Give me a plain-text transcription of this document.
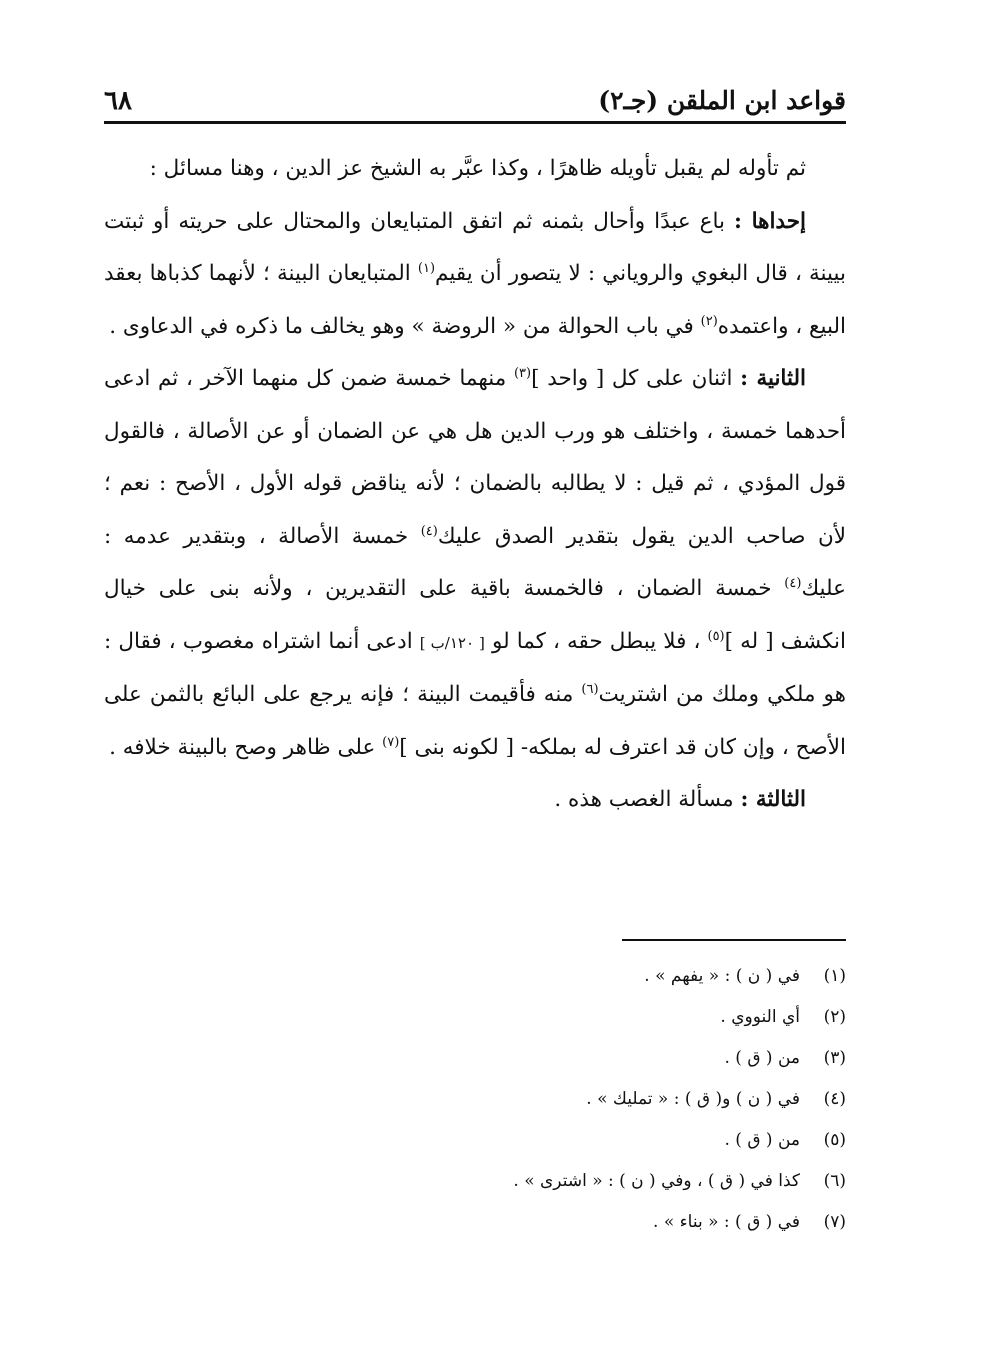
قواعد ابن الملقن (جـ٢)
٦٨

ثم تأوله لم يقبل تأويله ظاهرًا ، وكذا عبَّر به الشيخ عز الدين ، وهنا مسائل :

إحداها : باع عبدًا وأحال بثمنه ثم اتفق المتبايعان والمحتال على حريته أو ثبتت بيينة ، قال البغوي والروياني : لا يتصور أن يقيم$^{(١)}$ المتبايعان البينة ؛ لأنهما كذباها بعقد البيع ، واعتمده$^{(٢)}$ في باب الحوالة من « الروضة » وهو يخالف ما ذكره في الدعاوى .

الثانية : اثنان على كل [ واحد ]$^{(٣)}$ منهما خمسة ضمن كل منهما الآخر ، ثم ادعى أحدهما خمسة ، واختلف هو ورب الدين هل هي عن الضمان أو عن الأصالة ، فالقول قول المؤدي ، ثم قيل : لا يطالبه بالضمان ؛ لأنه يناقض قوله الأول ، الأصح : نعم ؛ لأن صاحب الدين يقول بتقدير الصدق عليك$^{(٤)}$ خمسة الأصالة ، وبتقدير عدمه : عليك$^{(٤)}$ خمسة الضمان ، فالخمسة باقية على التقديرين ، ولأنه بنى على خيال انكشف [ له ]$^{(٥)}$ ، فلا يبطل حقه ، كما لو [ ١٢٠/ب ] ادعى أنما اشتراه مغصوب ، فقال : هو ملكي وملك من اشتريت$^{(٦)}$ منه فأقيمت البينة ؛ فإنه يرجع على البائع بالثمن على الأصح ، وإن كان قد اعترف له بملكه- [ لكونه بنى ]$^{(٧)}$ على ظاهر وصح بالبينة خلافه .

الثالثة : مسألة الغصب هذه .

(١)
في ( ن ) : « يفهم » .
(٢)
أي النووي .
(٣)
من ( ق ) .
(٤)
في ( ن ) و( ق ) : « تمليك » .
(٥)
من ( ق ) .
(٦)
كذا في ( ق ) ، وفي ( ن ) : « اشترى » .
(٧)
في ( ق ) : « بناء » .
